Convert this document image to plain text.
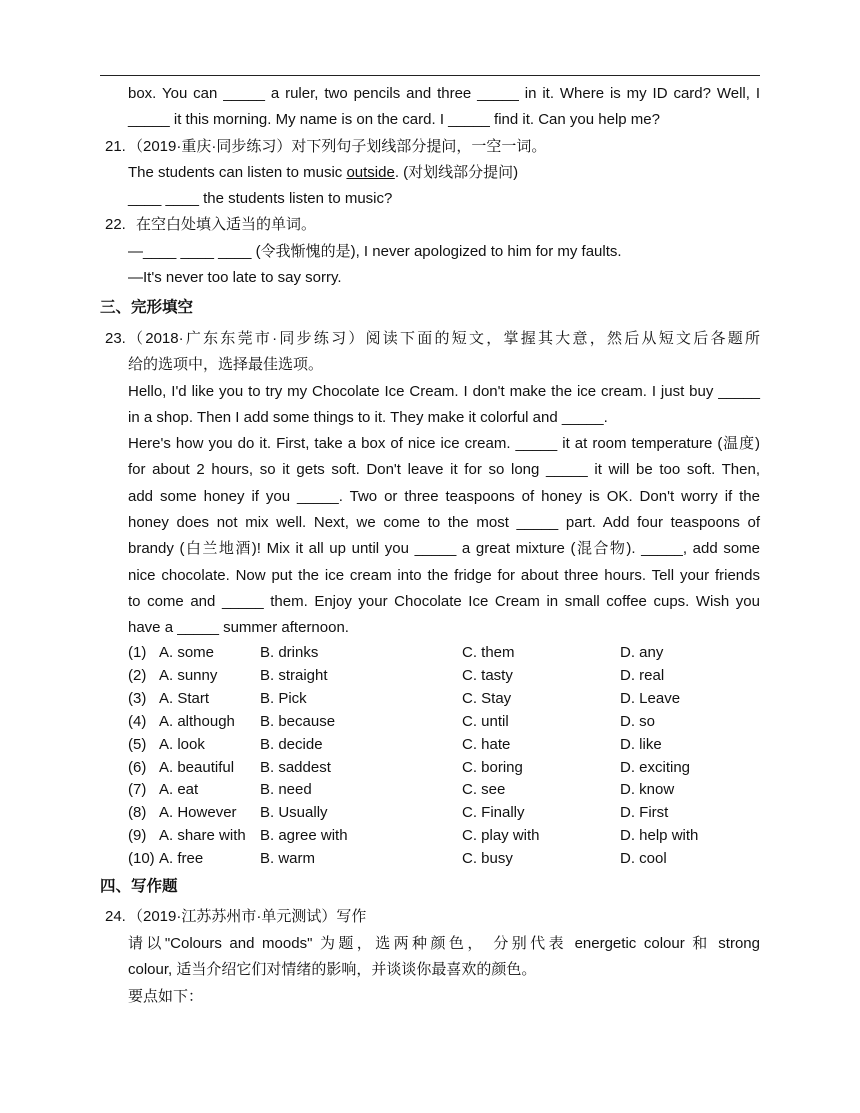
box. You can _____ a ruler, two pencils and three _____ in it. Where is my ID card? Well, I
_____ it this morning. My name is on the card. I _____ find it. Can you help me?
21. （2019·重庆·同步练习）对下列句子划线部分提问，一空一词。
The students can listen to music outside. (对划线部分提问)
____ ____ the students listen to music?
22. 在空白处填入适当的单词。
—____ ____ ____ (令我惭愧的是), I never apologized to him for my faults.
—It's never too late to say sorry.
三、完形填空
23. （2018·广东东莞市·同步练习）阅读下面的短文，掌握其大意，然后从短文后各题所
给的选项中，选择最佳选项。
Hello, I'd like you to try my Chocolate Ice Cream. I don't make the ice cream. I just buy _____
in a shop. Then I add some things to it. They make it colorful and _____.
Here's how you do it. First, take a box of nice ice cream. _____ it at room temperature (温度)
for about 2 hours, so it gets soft. Don't leave it for so long _____ it will be too soft. Then,
add some honey if you _____. Two or three teaspoons of honey is OK. Don't worry if the
honey does not mix well. Next, we come to the most _____ part. Add four teaspoons of
brandy (白兰地酒)! Mix it all up until you _____ a great mixture (混合物). _____, add some
nice chocolate. Now put the ice cream into the fridge for about three hours. Tell your friends
to come and _____ them. Enjoy your Chocolate Ice Cream in small coffee cups. Wish you
have a _____ summer afternoon.
(1) A. some	B. drinks	C. them	D. any
(2) A. sunny	B. straight	C. tasty	D. real
(3) A. Start	B. Pick	C. Stay	D. Leave
(4) A. although B. because	C. until	D. so
(5) A. look	B. decide	C. hate	D. like
(6) A. beautiful B. saddest	C. boring	D. exciting
(7) A. eat	B. need	C. see	D. know
(8) A. However B. Usually	C. Finally	D. First
(9) A. share with B. agree with	C. play with	D. help with
(10) A. free	B. warm	C. busy	D. cool
四、写作题
24. （2019·江苏苏州市·单元测试）写作
请以"Colours and moods" 为题，选两种颜色， 分别代表 energetic colour 和 strong
colour, 适当介绍它们对情绪的影响，并谈谈你最喜欢的颜色。
要点如下：
